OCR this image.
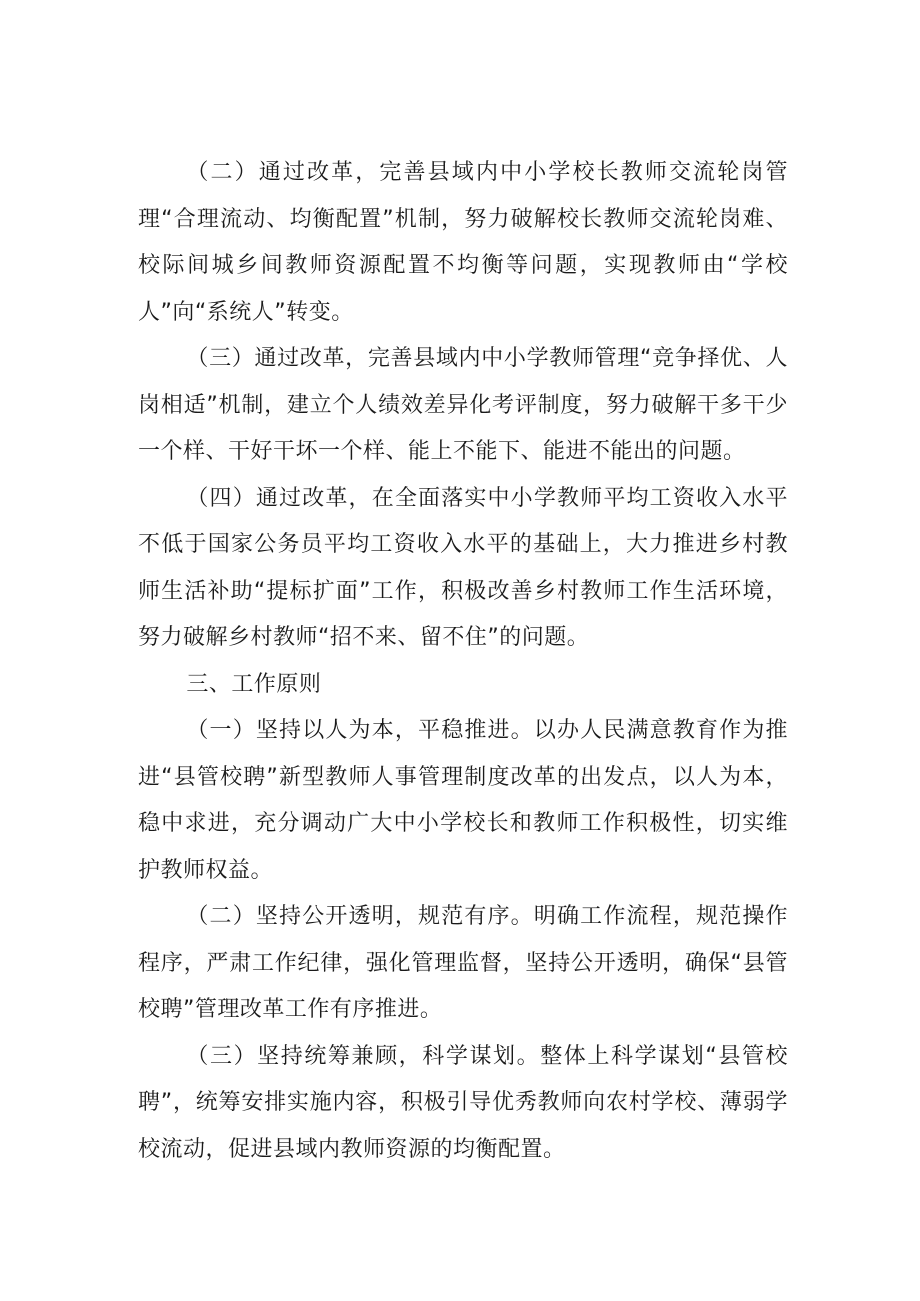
（二）通过改革，完善县域内中小学校长教师交流轮岗管理“合理流动、均衡配置”机制，努力破解校长教师交流轮岗难、校际间城乡间教师资源配置不均衡等问题，实现教师由“学校人”向“系统人”转变。

（三）通过改革，完善县域内中小学教师管理“竞争择优、人岗相适”机制，建立个人绩效差异化考评制度，努力破解干多干少一个样、干好干坏一个样、能上不能下、能进不能出的问题。

（四）通过改革，在全面落实中小学教师平均工资收入水平不低于国家公务员平均工资收入水平的基础上，大力推进乡村教师生活补助“提标扩面”工作，积极改善乡村教师工作生活环境，努力破解乡村教师“招不来、留不住”的问题。

三、工作原则

（一）坚持以人为本，平稳推进。以办人民满意教育作为推进“县管校聘”新型教师人事管理制度改革的出发点，以人为本，稳中求进，充分调动广大中小学校长和教师工作积极性，切实维护教师权益。

（二）坚持公开透明，规范有序。明确工作流程，规范操作程序，严肃工作纪律，强化管理监督，坚持公开透明，确保“县管校聘”管理改革工作有序推进。

（三）坚持统筹兼顾，科学谋划。整体上科学谋划“县管校聘”，统筹安排实施内容，积极引导优秀教师向农村学校、薄弱学校流动，促进县域内教师资源的均衡配置。
